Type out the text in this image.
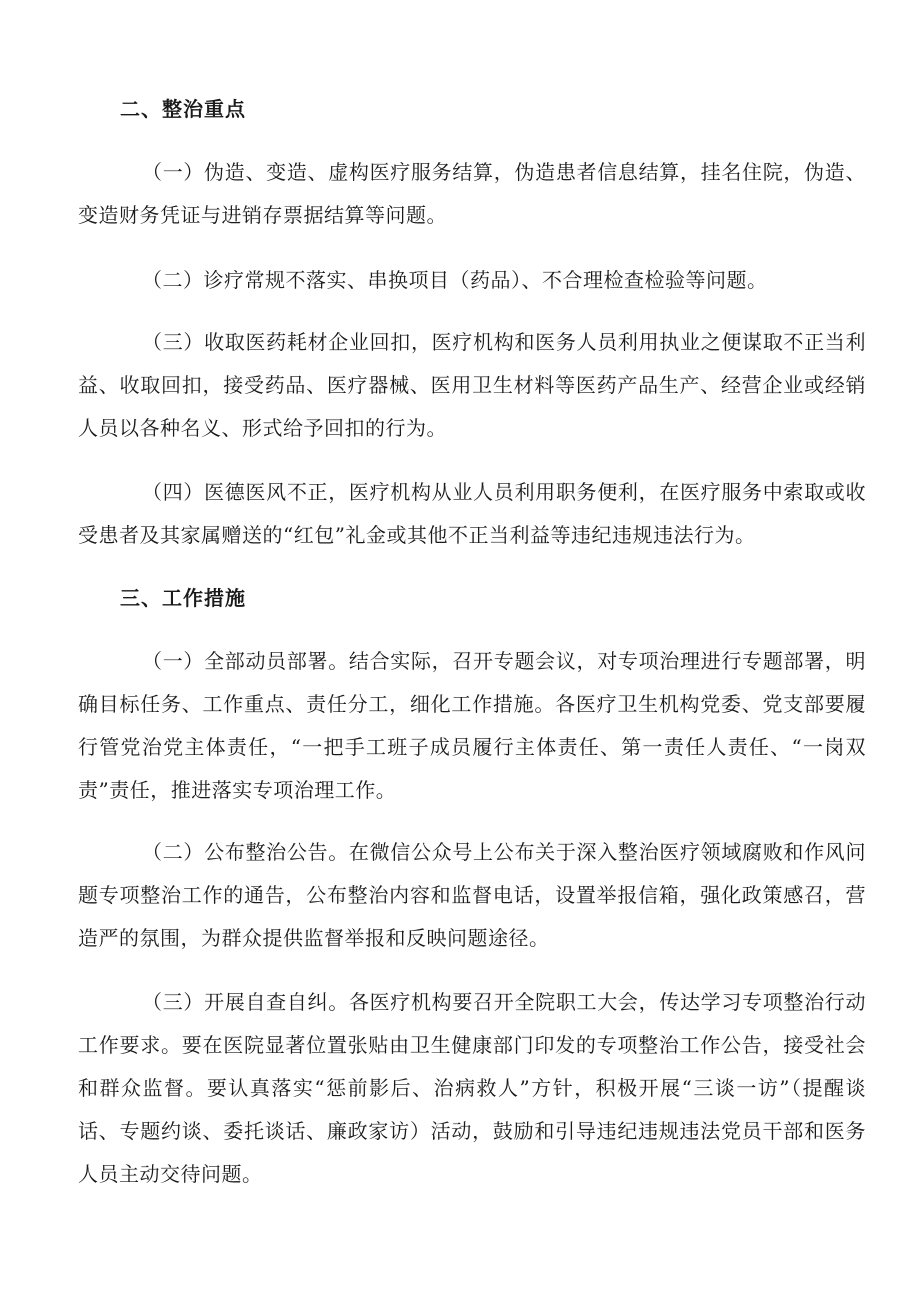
二、整治重点

（一）伪造、变造、虚构医疗服务结算，伪造患者信息结算，挂名住院，伪造、变造财务凭证与进销存票据结算等问题。

（二）诊疗常规不落实、串换项目（药品）、不合理检查检验等问题。

（三）收取医药耗材企业回扣，医疗机构和医务人员利用执业之便谋取不正当利益、收取回扣，接受药品、医疗器械、医用卫生材料等医药产品生产、经营企业或经销人员以各种名义、形式给予回扣的行为。

（四）医德医风不正，医疗机构从业人员利用职务便利，在医疗服务中索取或收受患者及其家属赠送的“红包”礼金或其他不正当利益等违纪违规违法行为。

三、工作措施

（一）全部动员部署。结合实际，召开专题会议，对专项治理进行专题部署，明确目标任务、工作重点、责任分工，细化工作措施。各医疗卫生机构党委、党支部要履行管党治党主体责任，“一把手工班子成员履行主体责任、第一责任人责任、“一岗双责”责任，推进落实专项治理工作。

（二）公布整治公告。在微信公众号上公布关于深入整治医疗领域腐败和作风问题专项整治工作的通告，公布整治内容和监督电话，设置举报信箱，强化政策感召，营造严的氛围，为群众提供监督举报和反映问题途径。

（三）开展自查自纠。各医疗机构要召开全院职工大会，传达学习专项整治行动工作要求。要在医院显著位置张贴由卫生健康部门印发的专项整治工作公告，接受社会和群众监督。要认真落实“惩前影后、治病救人”方针，积极开展“三谈一访”（提醒谈话、专题约谈、委托谈话、廉政家访）活动，鼓励和引导违纪违规违法党员干部和医务人员主动交待问题。
